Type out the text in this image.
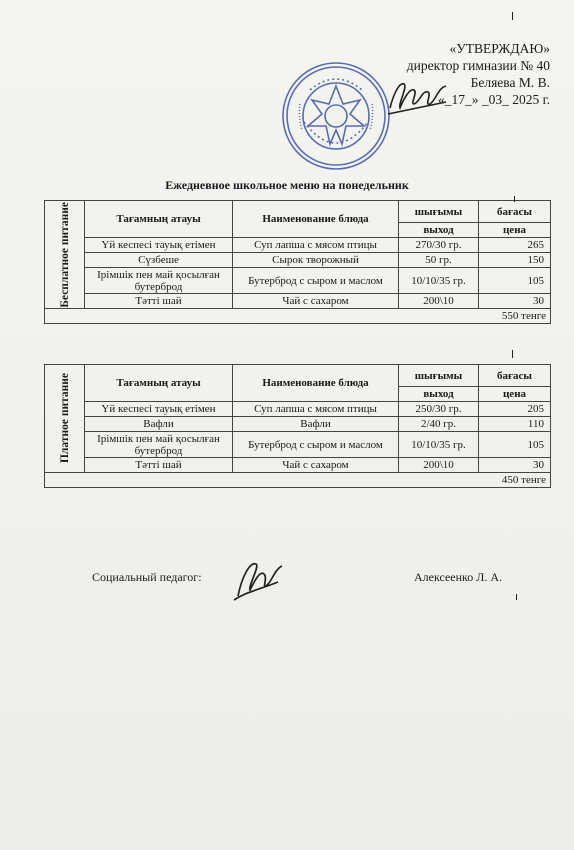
«УТВЕРЖДАЮ»
директор гимназии № 40
Беляева М. В.
«_17_» _03_ 2025 г.
Ежедневное школьное меню на понедельник
Бесплатное питание	Тағамның атауы	Наименование блюда	шығымы	бағасы
			выход	цена
	Үй кеспесі тауық етімен	Суп лапша с мясом птицы	270/30 гр.	265
	Сүзбеше	Сырок творожный	50 гр.	150
	Ірімшік пен май қосылған бутерброд	Бутерброд с сыром и маслом	10/10/35 гр.	105
	Тәтті шай	Чай с сахаром	200\10	30
550 тенге				
Платное питание	Тағамның атауы	Наименование блюда	шығымы	бағасы
			выход	цена
	Үй кеспесі тауық етімен	Суп лапша с мясом птицы	250/30 гр.	205
	Вафли	Вафли	2/40 гр.	110
	Ірімшік пен май қосылған бутерброд	Бутерброд с сыром и маслом	10/10/35 гр.	105
	Тәтті шай	Чай с сахаром	200\10	30
450 тенге				
Социальный педагог:	Алексеенко Л. А.
